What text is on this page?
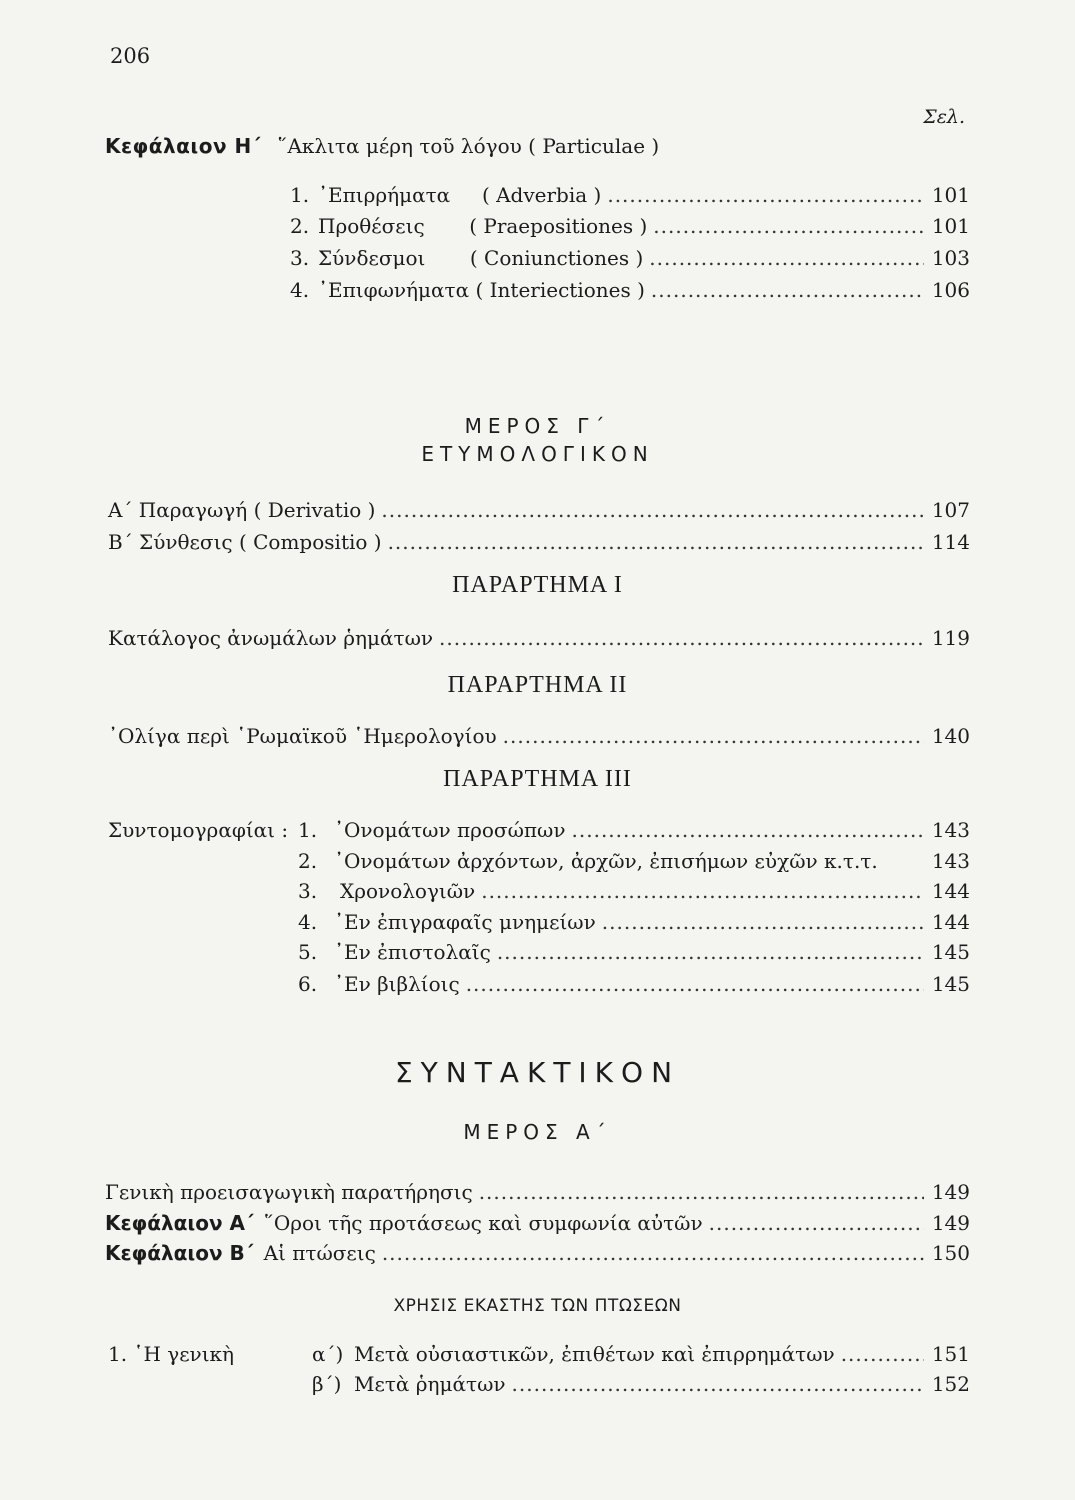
206
Σελ.
Κεφάλαιον Η΄ ῞Ακλιτα μέρη τοῦ λόγου ( Particulae )
1. ᾿Επιρρήματα     ( Adverbia ) .....	101
2. Προθέσεις       ( Praepositiones ) .....	101
3. Σύνδεσμοι       ( Coniunctiones ) .....	103
4. ᾿Επιφωνήματα ( Interiectiones ) .....	106
ΜΕΡΟΣ Γ΄
ΕΤΥΜΟΛΟΓΙΚΟΝ
Α΄ Παραγωγή ( Derivatio ) .....	107
Β΄ Σύνθεσις ( Compositio ) .....	114
ΠΑΡΑΡΤΗΜΑ Ι
Κατάλογος ἀνωμάλων ῥημάτων .....	119
ΠΑΡΑΡΤΗΜΑ ΙΙ
᾿Ολίγα περὶ ῾Ρωμαϊκοῦ ῾Ημερολογίου .....	140
ΠΑΡΑΡΤΗΜΑ ΙΙΙ
Συντομογραφίαι : 1. ᾿Ονομάτων προσώπων .....	143
2. ᾿Ονομάτων ἀρχόντων, ἀρχῶν, ἐπισήμων εὐχῶν κ.τ.τ.	143
3.	Χρονολογιῶν .....	144
4. ᾿Εν ἐπιγραφαῖς μνημείων .....	144
5. ᾿Εν ἐπιστολαῖς .....	145
6. ᾿Εν βιβλίοις .....	145
ΣΥΝΤΑΚΤΙΚΟΝ
ΜΕΡΟΣ Α΄
Γενικὴ προεισαγωγικὴ παρατήρησις .....	149
Κεφάλαιον Α΄ ῞Οροι τῆς προτάσεως καὶ συμφωνία αὐτῶν .....	149
Κεφάλαιον Β΄ Αἱ πτώσεις .....	150
ΧΡΗΣΙΣ ΕΚΑΣΤΗΣ ΤΩΝ ΠΤΩΣΕΩΝ
1. ῾Η γενικὴ	α΄) Μετὰ οὐσιαστικῶν, ἐπιθέτων καὶ ἐπιρρημάτων .....	151
β΄) Μετὰ ῥημάτων .....	152
